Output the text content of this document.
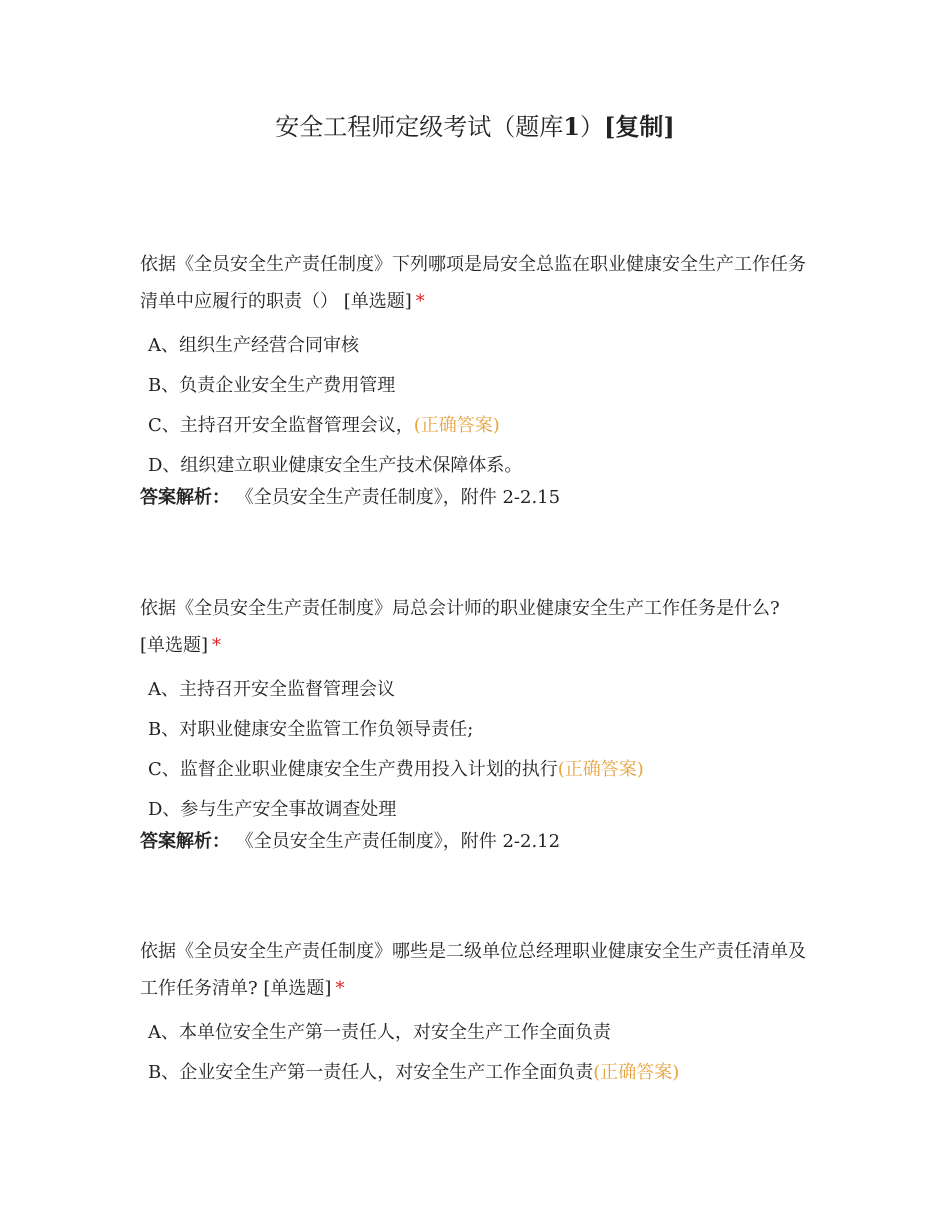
安全工程师定级考试（题库1）[复制]
依据《全员安全生产责任制度》下列哪项是局安全总监在职业健康安全生产工作任务清单中应履行的职责（） [单选题] *
A、组织生产经营合同审核
B、负责企业安全生产费用管理
C、主持召开安全监督管理会议， (正确答案)
D、组织建立职业健康安全生产技术保障体系。
答案解析： 《全员安全生产责任制度》，附件 2-2.15
依据《全员安全生产责任制度》局总会计师的职业健康安全生产工作任务是什么?
[单选题] *
A、主持召开安全监督管理会议
B、对职业健康安全监管工作负领导责任;
C、监督企业职业健康安全生产费用投入计划的执行 (正确答案)
D、参与生产安全事故调查处理
答案解析： 《全员安全生产责任制度》，附件 2-2.12
依据《全员安全生产责任制度》哪些是二级单位总经理职业健康安全生产责任清单及工作任务清单? [单选题] *
A、本单位安全生产第一责任人，对安全生产工作全面负责
B、企业安全生产第一责任人，对安全生产工作全面负责 (正确答案)
